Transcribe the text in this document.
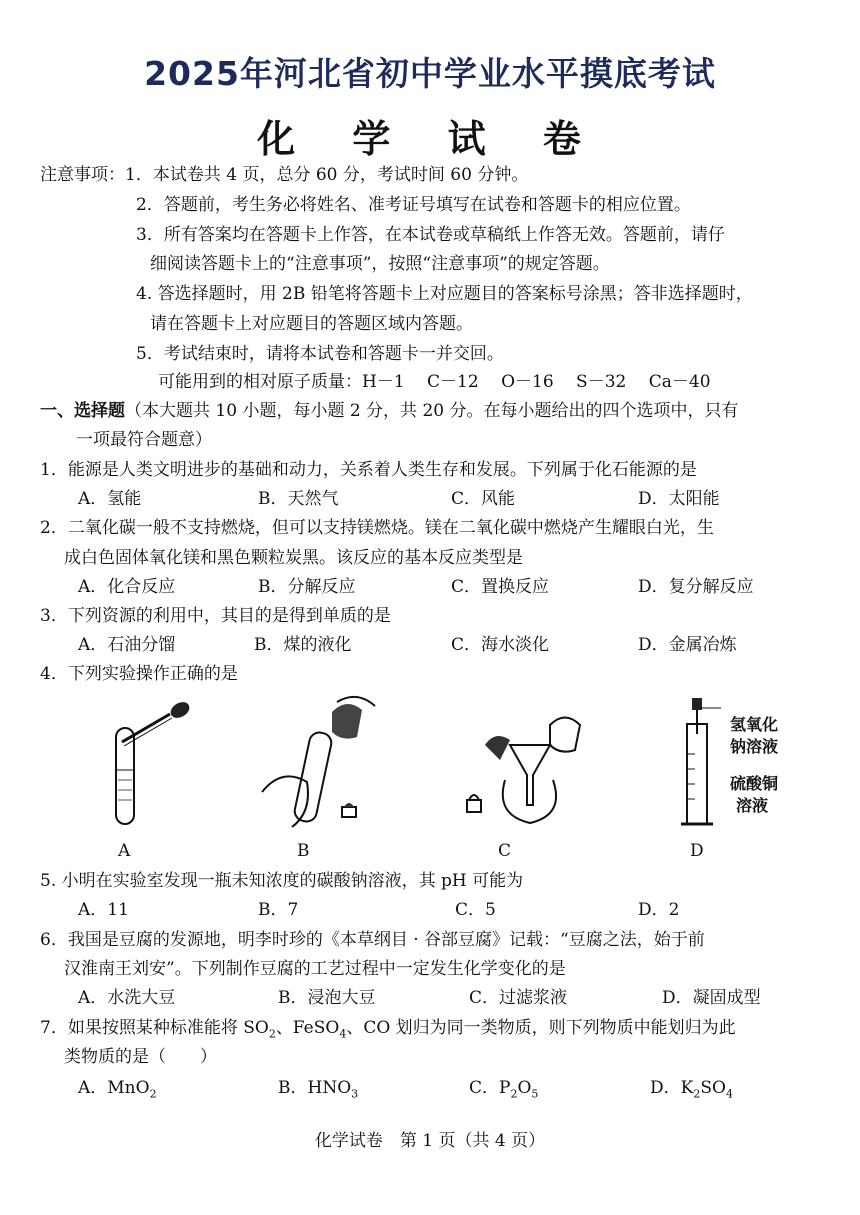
2025年河北省初中学业水平摸底考试
化 学 试 卷
注意事项： 1．本试卷共 4 页，总分 60 分，考试时间 60 分钟。
2．答题前，考生务必将姓名、准考证号填写在试卷和答题卡的相应位置。
3．所有答案均在答题卡上作答，在本试卷或草稿纸上作答无效。答题前，请仔
细阅读答题卡上的“注意事项”，按照“注意事项”的规定答题。
4. 答选择题时，用 2B 铅笔将答题卡上对应题目的答案标号涂黑；答非选择题时，
请在答题卡上对应题目的答题区域内答题。
5．考试结束时，请将本试卷和答题卡一并交回。
可能用到的相对原子质量：H－1　 C－12　 O－16　 S－32　 Ca－40
一、选择题（本大题共 10 小题，每小题 2 分，共 20 分。在每小题给出的四个选项中，只有
一项最符合题意）
1．能源是人类文明进步的基础和动力，关系着人类生存和发展。下列属于化石能源的是
A．氢能	B．天然气	C．风能	D．太阳能
2．二氧化碳一般不支持燃烧，但可以支持镁燃烧。镁在二氧化碳中燃烧产生耀眼白光，生
成白色固体氧化镁和黑色颗粒炭黑。该反应的基本反应类型是
A．化合反应	B．分解反应	C．置换反应	D．复分解反应
3．下列资源的利用中，其目的是得到单质的是
A．石油分馏	B．煤的液化	C．海水淡化	D．金属冶炼
4．下列实验操作正确的是
A	B	C
氢氧化
钠溶液
硫酸铜
溶液
D
5. 小明在实验室发现一瓶未知浓度的碳酸钠溶液，其 pH 可能为
A．11	B．7	C．5	D．2
6．我国是豆腐的发源地，明李时珍的《本草纲目 · 谷部豆腐》记载：“豆腐之法，始于前
汉淮南王刘安”。下列制作豆腐的工艺过程中一定发生化学变化的是
A．水洗大豆	B．浸泡大豆	C．过滤浆液	D．凝固成型
7．如果按照某种标准能将 $SO_2$、FeSO$_4$、CO 划归为同一类物质，则下列物质中能划归为此
类物质的是（　　）
A．MnO$_2$	B．$HNO_3$	C．$P_2O_5$	D．$K_2SO_4$
化学试卷　第 1 页（共 4 页）
